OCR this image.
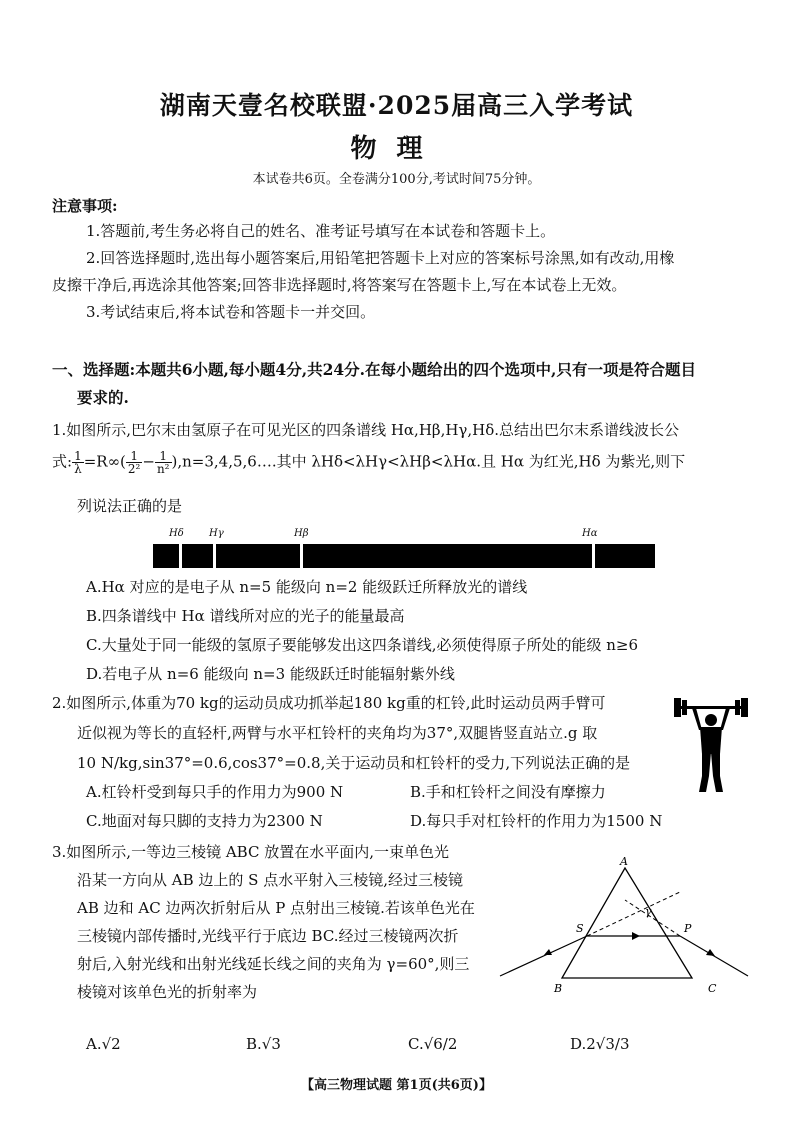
湖南天壹名校联盟·2025届高三入学考试
物理
本试卷共6页。全卷满分100分,考试时间75分钟。
注意事项:
1.答题前,考生务必将自己的姓名、准考证号填写在本试卷和答题卡上。
2.回答选择题时,选出每小题答案后,用铅笔把答题卡上对应的答案标号涂黑,如有改动,用橡
皮擦干净后,再选涂其他答案;回答非选择题时,将答案写在答题卡上,写在本试卷上无效。
3.考试结束后,将本试卷和答题卡一并交回。
一、选择题:本题共6小题,每小题4分,共24分.在每小题给出的四个选项中,只有一项是符合题目
要求的.
1.如图所示,巴尔末由氢原子在可见光区的四条谱线 Hα,Hβ,Hγ,Hδ.总结出巴尔末系谱线波长公
式: $\frac{1}{\lambda} =R\infty( \frac{1}{\text{2²}} - \frac{1}{\text{n²}}$ ),n=3,4,5,6….其中 λHδ<λHγ<λHβ<λHα.且 Hα 为红光,Hδ 为紫光,则下
列说法正确的是
Hδ	Hγ	Hβ	Hα
A.Hα 对应的是电子从 n=5 能级向 n=2 能级跃迁所释放光的谱线
B.四条谱线中 Hα 谱线所对应的光子的能量最高
C.大量处于同一能级的氢原子要能够发出这四条谱线,必须使得原子所处的能级 n≥6
D.若电子从 n=6 能级向 n=3 能级跃迁时能辐射紫外线
2.如图所示,体重为70 kg的运动员成功抓举起180 kg重的杠铃,此时运动员两手臂可
近似视为等长的直轻杆,两臂与水平杠铃杆的夹角均为37°,双腿皆竖直站立.g 取
10 N/kg,sin37°=0.6,cos37°=0.8,关于运动员和杠铃杆的受力,下列说法正确的是
A.杠铃杆受到每只手的作用力为900 N	B.手和杠铃杆之间没有摩擦力
C.地面对每只脚的支持力为2300 N	D.每只手对杠铃杆的作用力为1500 N
3.如图所示,一等边三棱镜 ABC 放置在水平面内,一束单色光
沿某一方向从 AB 边上的 S 点水平射入三棱镜,经过三棱镜
AB 边和 AC 边两次折射后从 P 点射出三棱镜.若该单色光在
三棱镜内部传播时,光线平行于底边 BC.经过三棱镜两次折
射后,入射光线和出射光线延长线之间的夹角为 γ=60°,则三
棱镜对该单色光的折射率为
A
B	C
S	P
γ
A.√2	B.√3	C.√6/2	D.2√3/3
【高三物理试题 第1页(共6页)】
